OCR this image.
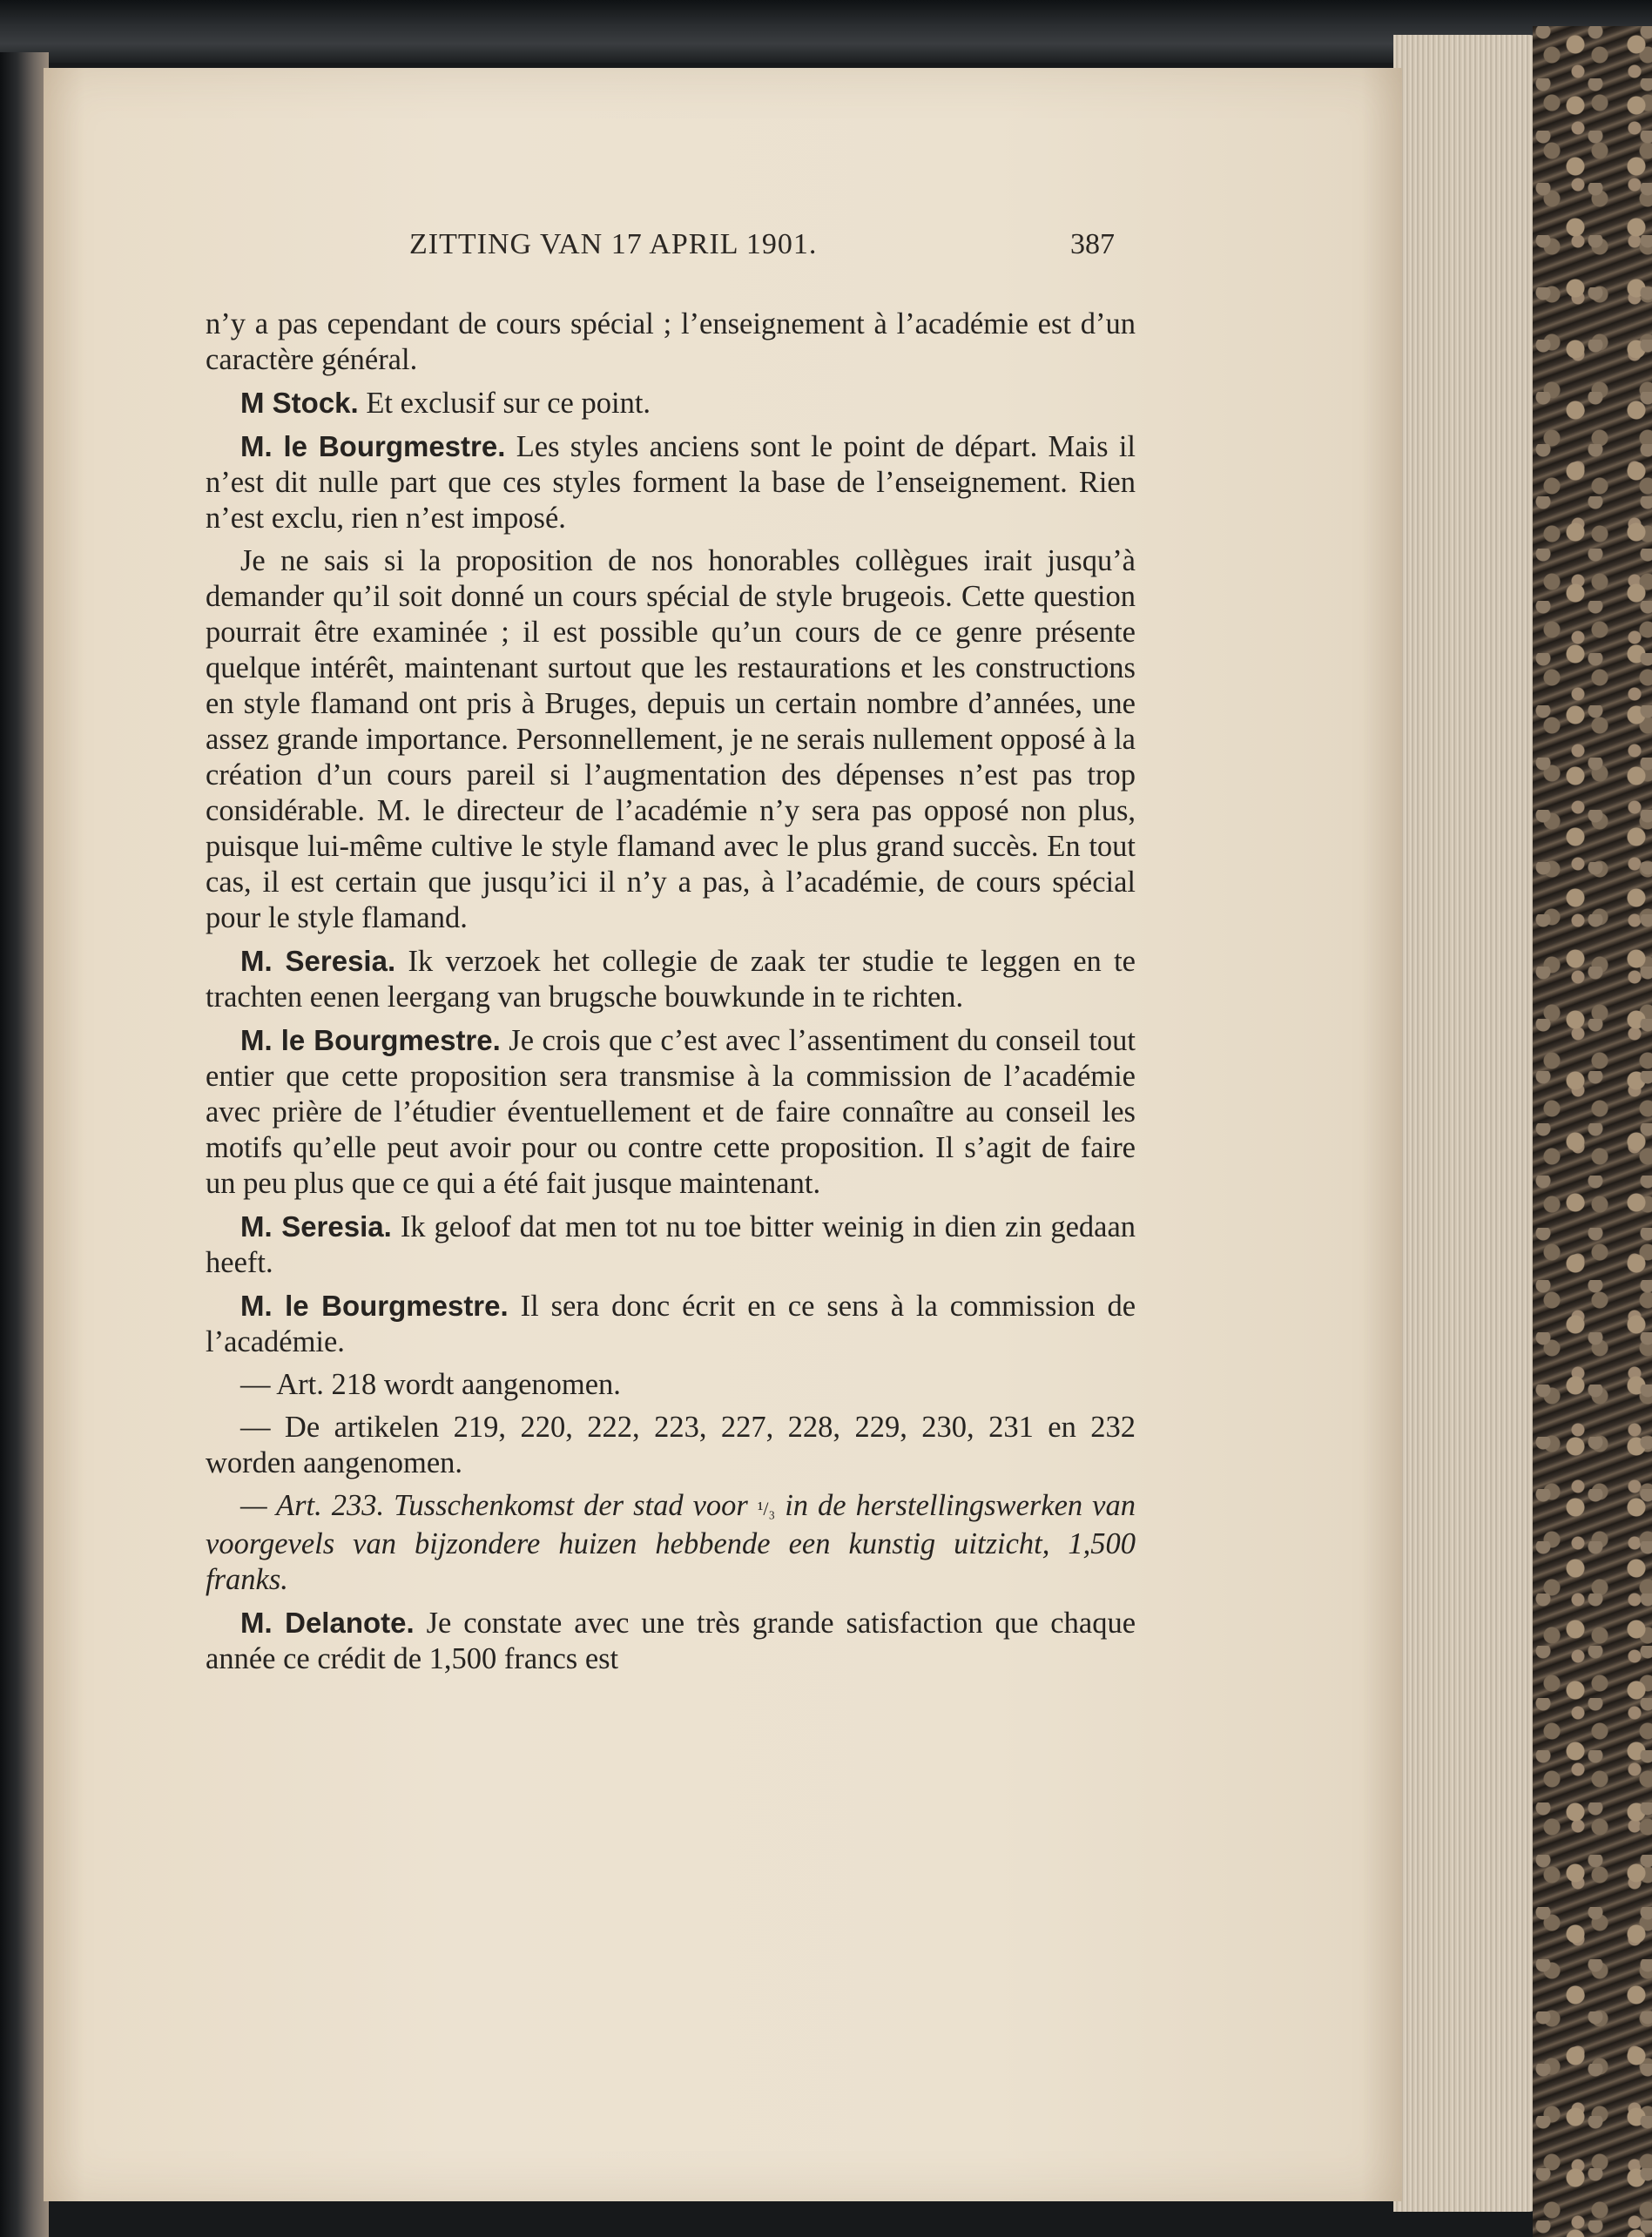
ZITTING VAN 17 APRIL 1901.	387

n’y a pas cependant de cours spécial ; l’enseignement à l’académie est d’un caractère général.

M Stock. Et exclusif sur ce point.

M. le Bourgmestre. Les styles anciens sont le point de départ. Mais il n’est dit nulle part que ces styles forment la base de l’enseignement. Rien n’est exclu, rien n’est imposé.

Je ne sais si la proposition de nos honorables collègues irait jusqu’à demander qu’il soit donné un cours spécial de style brugeois. Cette question pourrait être examinée ; il est possible qu’un cours de ce genre présente quelque intérêt, maintenant surtout que les restaurations et les constructions en style flamand ont pris à Bruges, depuis un certain nombre d’années, une assez grande importance. Personnellement, je ne serais nullement opposé à la création d’un cours pareil si l’augmentation des dépenses n’est pas trop considérable. M. le directeur de l’académie n’y sera pas opposé non plus, puisque lui-même cultive le style flamand avec le plus grand succès. En tout cas, il est certain que jusqu’ici il n’y a pas, à l’académie, de cours spécial pour le style flamand.

M. Seresia. Ik verzoek het collegie de zaak ter studie te leggen en te trachten eenen leergang van brugsche bouwkunde in te richten.

M. le Bourgmestre. Je crois que c’est avec l’assentiment du conseil tout entier que cette proposition sera transmise à la commission de l’académie avec prière de l’étudier éventuellement et de faire connaître au conseil les motifs qu’elle peut avoir pour ou contre cette proposition. Il s’agit de faire un peu plus que ce qui a été fait jusque maintenant.

M. Seresia. Ik geloof dat men tot nu toe bitter weinig in dien zin gedaan heeft.

M. le Bourgmestre. Il sera donc écrit en ce sens à la commission de l’académie.

— Art. 218 wordt aangenomen.

— De artikelen 219, 220, 222, 223, 227, 228, 229, 230, 231 en 232 worden aangenomen.

— Art. 233. Tusschenkomst der stad voor ¹/₃ in de herstellingswerken van voorgevels van bijzondere huizen hebbende een kunstig uitzicht, 1,500 franks.

M. Delanote. Je constate avec une très grande satisfaction que chaque année ce crédit de 1,500 francs est
